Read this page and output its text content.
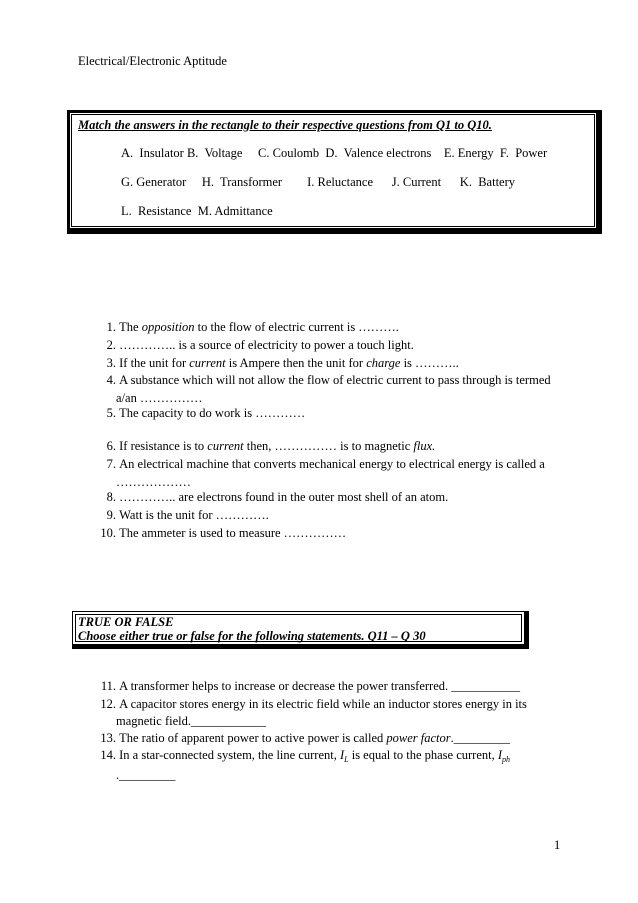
Electrical/Electronic Aptitude
Match the answers in the rectangle to their respective questions from Q1 to Q10.
A.  Insulator B.  Voltage     C. Coulomb  D.  Valence electrons    E. Energy  F.  Power
G. Generator     H.  Transformer        I. Reluctance      J. Current      K.  Battery
L.  Resistance  M. Admittance
1. The opposition to the flow of electric current is ……….
2. ………….. is a source of electricity to power a touch light.
3. If the unit for current is Ampere then the unit for charge is ………..
4. A substance which will not allow the flow of electric current to pass through is termed
a/an ……………
5. The capacity to do work is …………
6. If resistance is to current then, …………… is to magnetic flux.
7. An electrical machine that converts mechanical energy to electrical energy is called a
………………
8. ………….. are electrons found in the outer most shell of an atom.
9. Watt is the unit for ………….
10. The ammeter is used to measure ……………
TRUE OR FALSE
Choose either true or false for the following statements. Q11 – Q 30
11. A transformer helps to increase or decrease the power transferred. ___________
12. A capacitor stores energy in its electric field while an inductor stores energy in its
magnetic field.____________
13. The ratio of apparent power to active power is called power factor._________
14. In a star-connected system, the line current, $I_L$ is equal to the phase current, $I_{ph}$
._________
1
